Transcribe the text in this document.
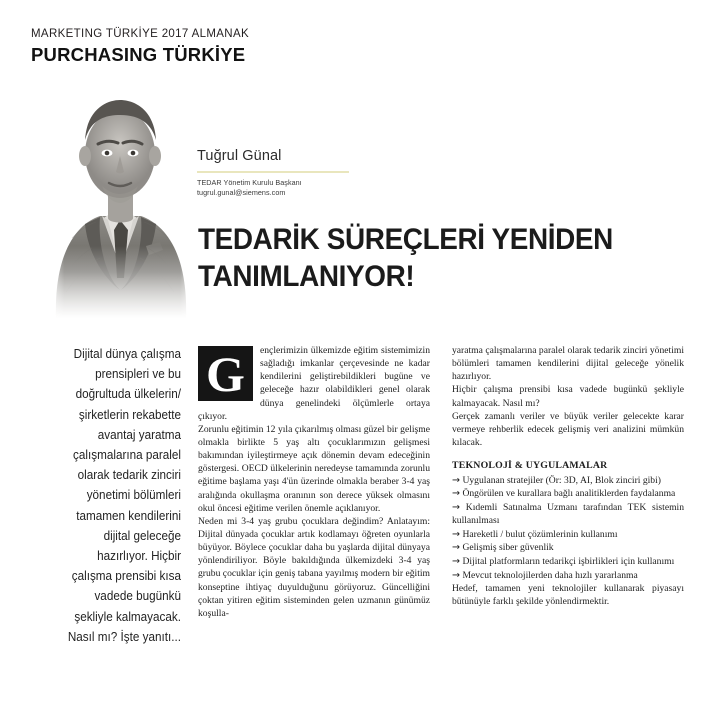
MARKETING TÜRKİYE 2017 ALMANAK
PURCHASING TÜRKİYE
Tuğrul Günal
TEDAR Yönetim Kurulu Başkanı
tugrul.gunal@siemens.com
TEDARİK SÜREÇLERİ YENİDEN
TANIMLANIYOR!
Dijital dünya çalışma prensipleri ve bu doğrultuda ülkelerin/ şirketlerin rekabette avantaj yaratma çalışmalarına paralel olarak tedarik zinciri yönetimi bölümleri tamamen kendilerini dijital geleceğe hazırlıyor. Hiçbir çalışma prensibi kısa vadede bugünkü şekliyle kalmayacak. Nasıl mı? İşte yanıtı...

G	ençlerimizin ülkemizde eğitim sistemimizin sağladığı imkanlar çerçevesinde ne kadar kendilerini geliştirebildikleri bugüne ve geleceğe hazır olabildikleri genel olarak dünya genelindeki ölçümlerle ortaya çıkıyor.

Zorunlu eğitimin 12 yıla çıkarılmış olması güzel bir gelişme olmakla birlikte 5 yaş altı çocuklarımızın gelişmesi bakımından iyileştirmeye açık dönemin devam edeceğinin göstergesi. OECD ülkelerinin neredeyse tamamında zorunlu eğitime başlama yaşı 4'ün üzerinde olmakla beraber 3-4 yaş aralığında okullaşma oranının son derece yüksek olmasını okul öncesi eğitime verilen önemle açıklanıyor.

Neden mi 3-4 yaş grubu çocuklara değindim? Anlatayım: Dijital dünyada çocuklar artık kodlamayı öğreten oyunlarla büyüyor. Böylece çocuklar daha bu yaşlarda dijital dünyaya yönlendiriliyor. Böyle bakıldığında ülkemizdeki 3-4 yaş grubu çocuklar için geniş tabana yayılmış modern bir eğitim konseptine ihtiyaç duyulduğunu görüyoruz. Güncelliğini çoktan yitiren eğitim sisteminden gelen uzmanın günümüz koşulla-

yaratma çalışmalarına paralel olarak tedarik zinciri yönetimi bölümleri tamamen kendilerini dijital geleceğe yönelik hazırlıyor.

Hiçbir çalışma prensibi kısa vadede bugünkü şekliyle kalmayacak. Nasıl mı?

Gerçek zamanlı veriler ve büyük veriler gelecekte karar vermeye rehberlik edecek gelişmiş veri analizini mümkün kılacak.

TEKNOLOJİ & UYGULAMALAR
→ Uygulanan stratejiler (Ör: 3D, AI, Blok zinciri gibi)
→ Öngörülen ve kurallara bağlı analitiklerden faydalanma
→ Kıdemli Satınalma Uzmanı tarafından TEK sistemin kullanılması
→ Hareketli / bulut çözümlerinin kullanımı
→ Gelişmiş siber güvenlik
→ Dijital platformların tedarikçi işbirlikleri için kullanımı
→ Mevcut teknolojilerden daha hızlı yararlanma

Hedef, tamamen yeni teknolojiler kullanarak piyasayı bütünüyle farklı şekilde yönlendirmektir.
